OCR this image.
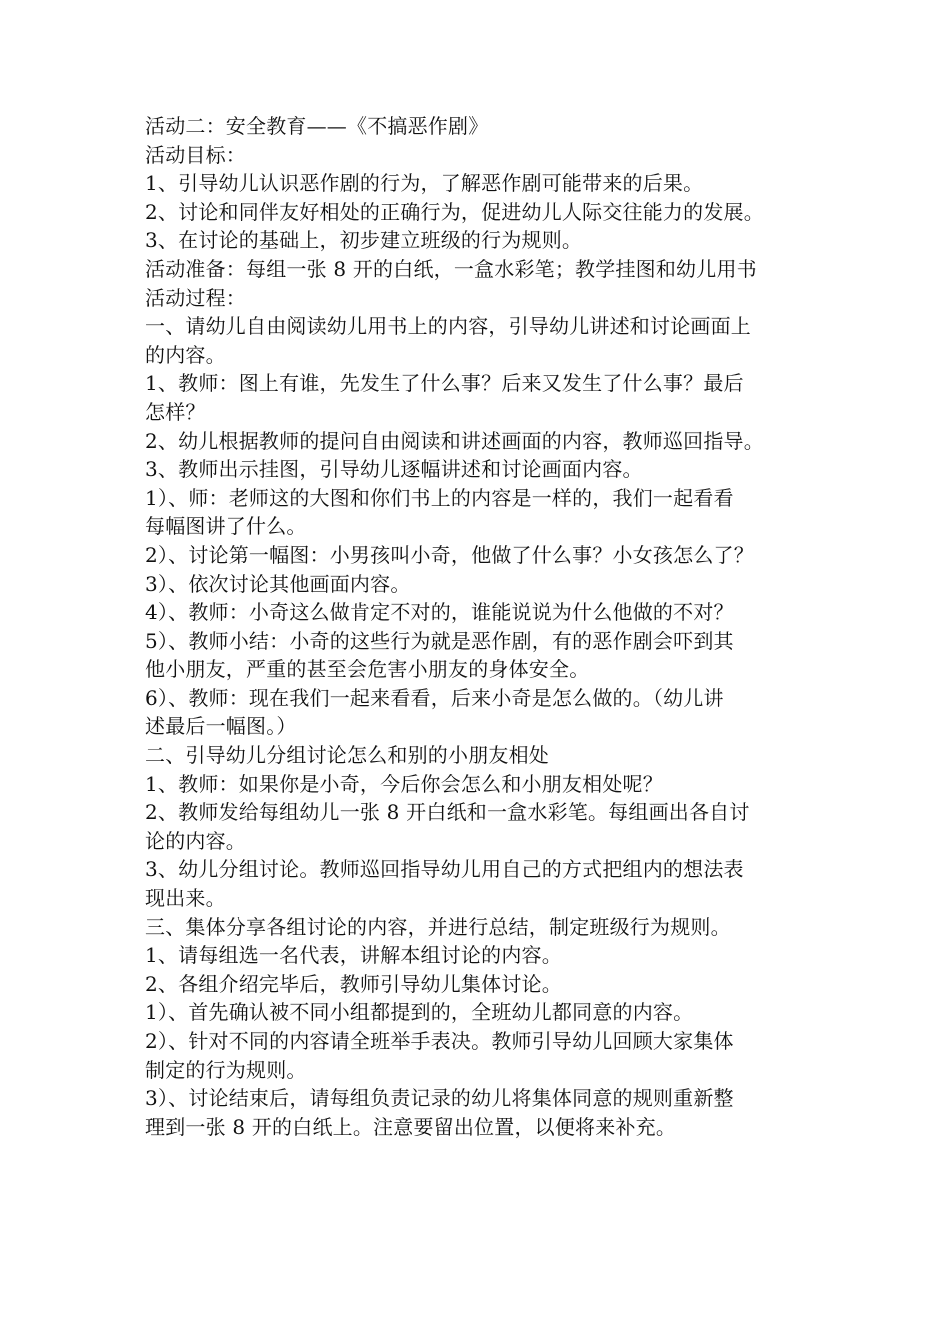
活动二：安全教育——《不搞恶作剧》
活动目标：
1、引导幼儿认识恶作剧的行为，了解恶作剧可能带来的后果。
2、讨论和同伴友好相处的正确行为，促进幼儿人际交往能力的发展。
3、在讨论的基础上，初步建立班级的行为规则。
活动准备：每组一张 8 开的白纸，一盒水彩笔；教学挂图和幼儿用书
活动过程：
一、请幼儿自由阅读幼儿用书上的内容，引导幼儿讲述和讨论画面上
的内容。
1、教师：图上有谁，先发生了什么事？后来又发生了什么事？最后
怎样？
2、幼儿根据教师的提问自由阅读和讲述画面的内容，教师巡回指导。
3、教师出示挂图，引导幼儿逐幅讲述和讨论画面内容。
1）、师：老师这的大图和你们书上的内容是一样的，我们一起看看
每幅图讲了什么。
2）、讨论第一幅图：小男孩叫小奇，他做了什么事？小女孩怎么了？
3）、依次讨论其他画面内容。
4）、教师：小奇这么做肯定不对的，谁能说说为什么他做的不对？
5）、教师小结：小奇的这些行为就是恶作剧，有的恶作剧会吓到其
他小朋友，严重的甚至会危害小朋友的身体安全。
6）、教师：现在我们一起来看看，后来小奇是怎么做的。（幼儿讲
述最后一幅图。）
二、引导幼儿分组讨论怎么和别的小朋友相处
1、教师：如果你是小奇，今后你会怎么和小朋友相处呢？
2、教师发给每组幼儿一张 8 开白纸和一盒水彩笔。每组画出各自讨
论的内容。
3、幼儿分组讨论。教师巡回指导幼儿用自己的方式把组内的想法表
现出来。
三、集体分享各组讨论的内容，并进行总结，制定班级行为规则。
1、请每组选一名代表，讲解本组讨论的内容。
2、各组介绍完毕后，教师引导幼儿集体讨论。
1）、首先确认被不同小组都提到的，全班幼儿都同意的内容。
2）、针对不同的内容请全班举手表决。教师引导幼儿回顾大家集体
制定的行为规则。
3）、讨论结束后，请每组负责记录的幼儿将集体同意的规则重新整
理到一张 8 开的白纸上。注意要留出位置，以便将来补充。
